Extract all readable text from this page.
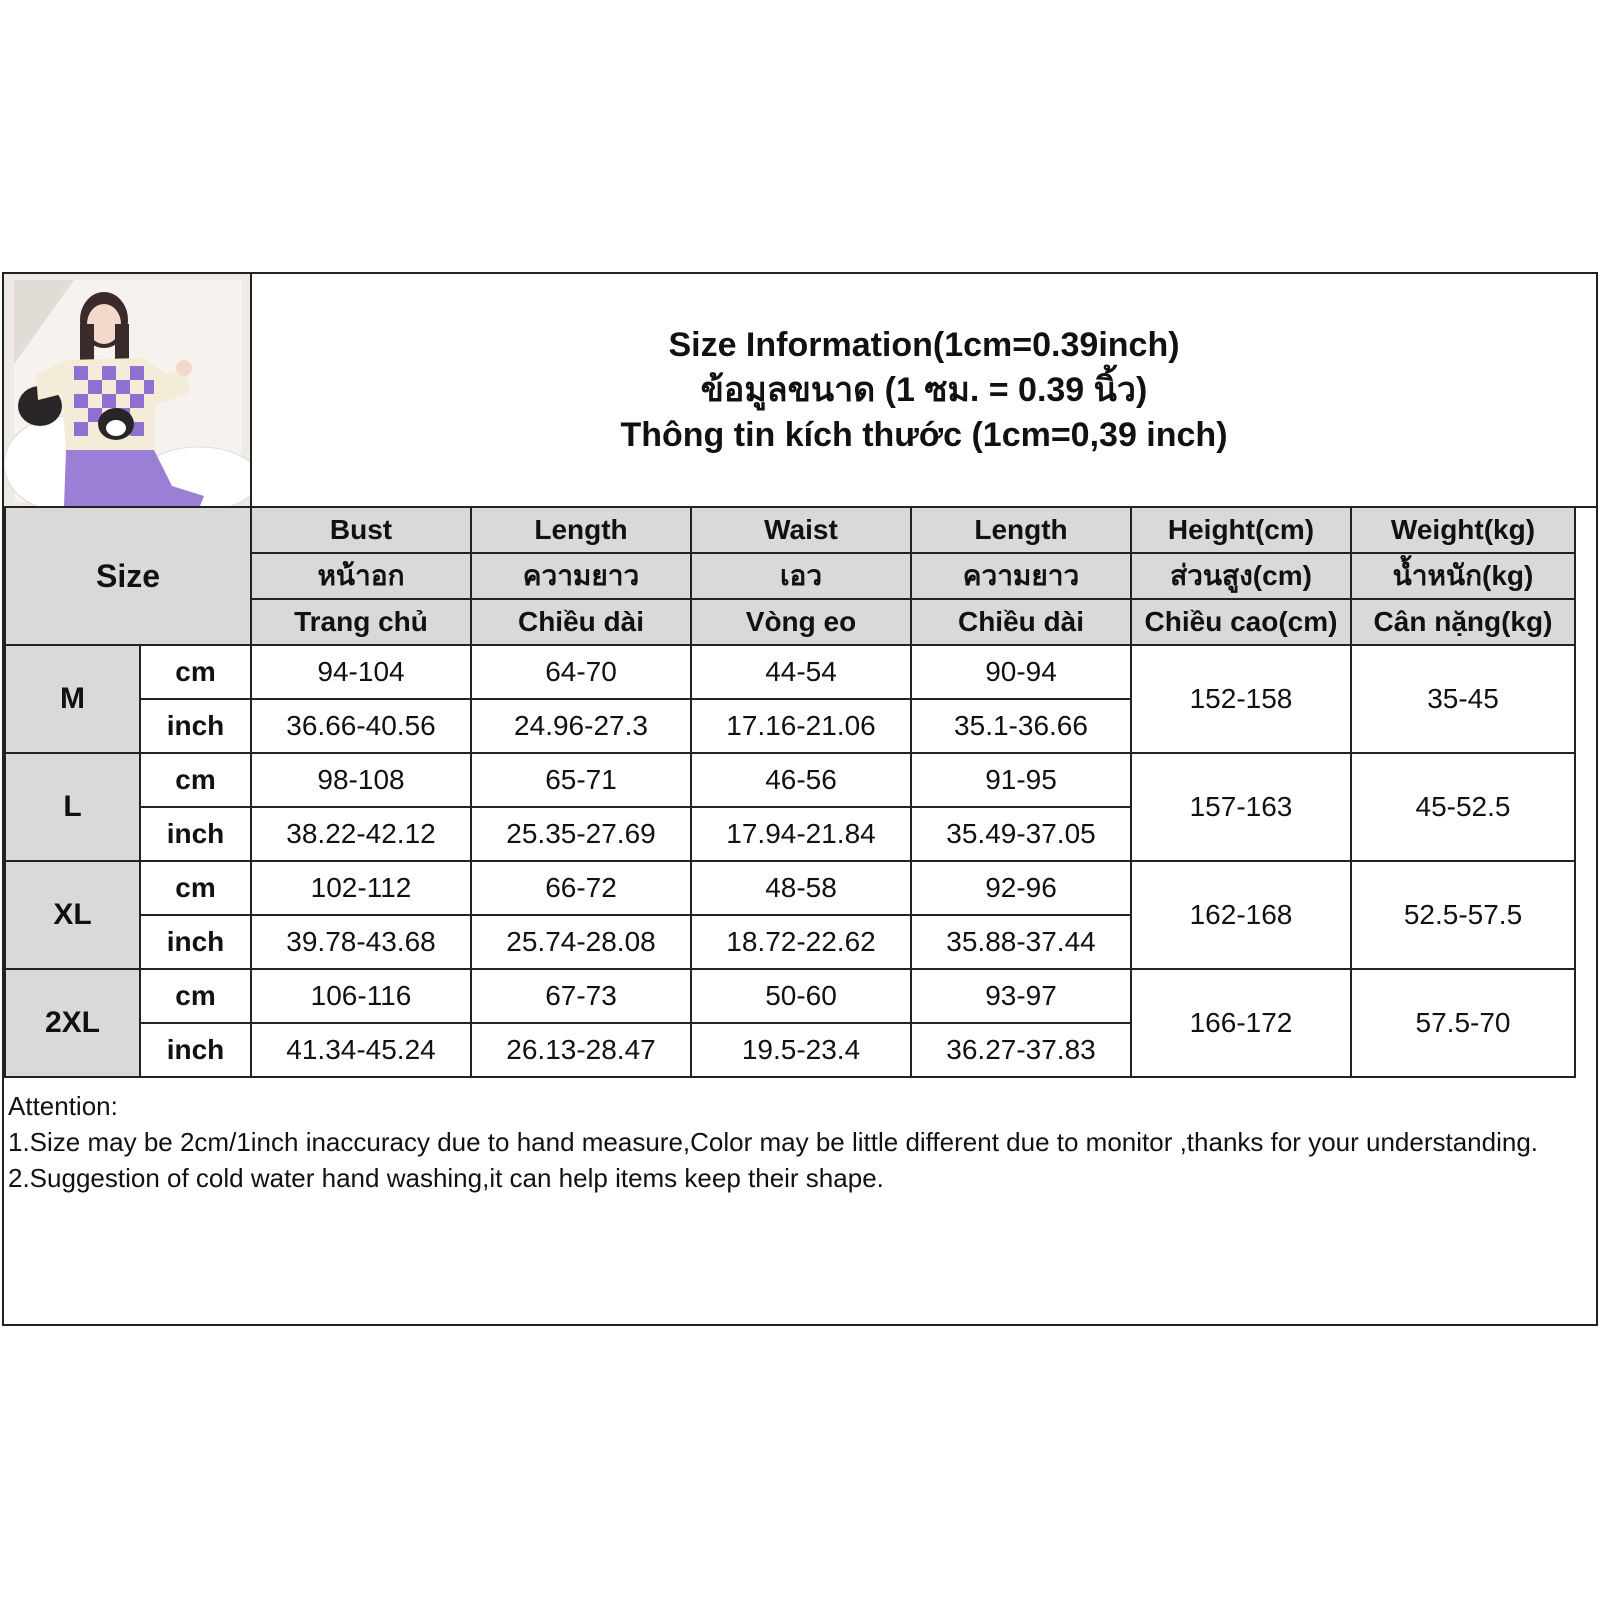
Size Information(1cm=0.39inch)
ข้อมูลขนาด (1 ซม. = 0.39 นิ้ว)
Thông tin kích thước (1cm=0,39 inch)
Size		Bust	Length	Waist	Length	Height(cm)	Weight(kg)
		หน้าอก	ความยาว	เอว	ความยาว	ส่วนสูง(cm)	น้ำหนัก(kg)
		Trang chủ	Chiều dài	Vòng eo	Chiều dài	Chiều cao(cm)	Cân nặng(kg)
M	cm	94-104	64-70	44-54	90-94	152-158	35-45
	inch	36.66-40.56	24.96-27.3	17.16-21.06	35.1-36.66		
L	cm	98-108	65-71	46-56	91-95	157-163	45-52.5
	inch	38.22-42.12	25.35-27.69	17.94-21.84	35.49-37.05		
XL	cm	102-112	66-72	48-58	92-96	162-168	52.5-57.5
	inch	39.78-43.68	25.74-28.08	18.72-22.62	35.88-37.44		
2XL	cm	106-116	67-73	50-60	93-97	166-172	57.5-70
	inch	41.34-45.24	26.13-28.47	19.5-23.4	36.27-37.83		
Attention:
1.Size may be 2cm/1inch inaccuracy due to hand measure,Color may be little different due to monitor ,thanks for your understanding.
2.Suggestion of cold water hand washing,it can help items keep their shape.
